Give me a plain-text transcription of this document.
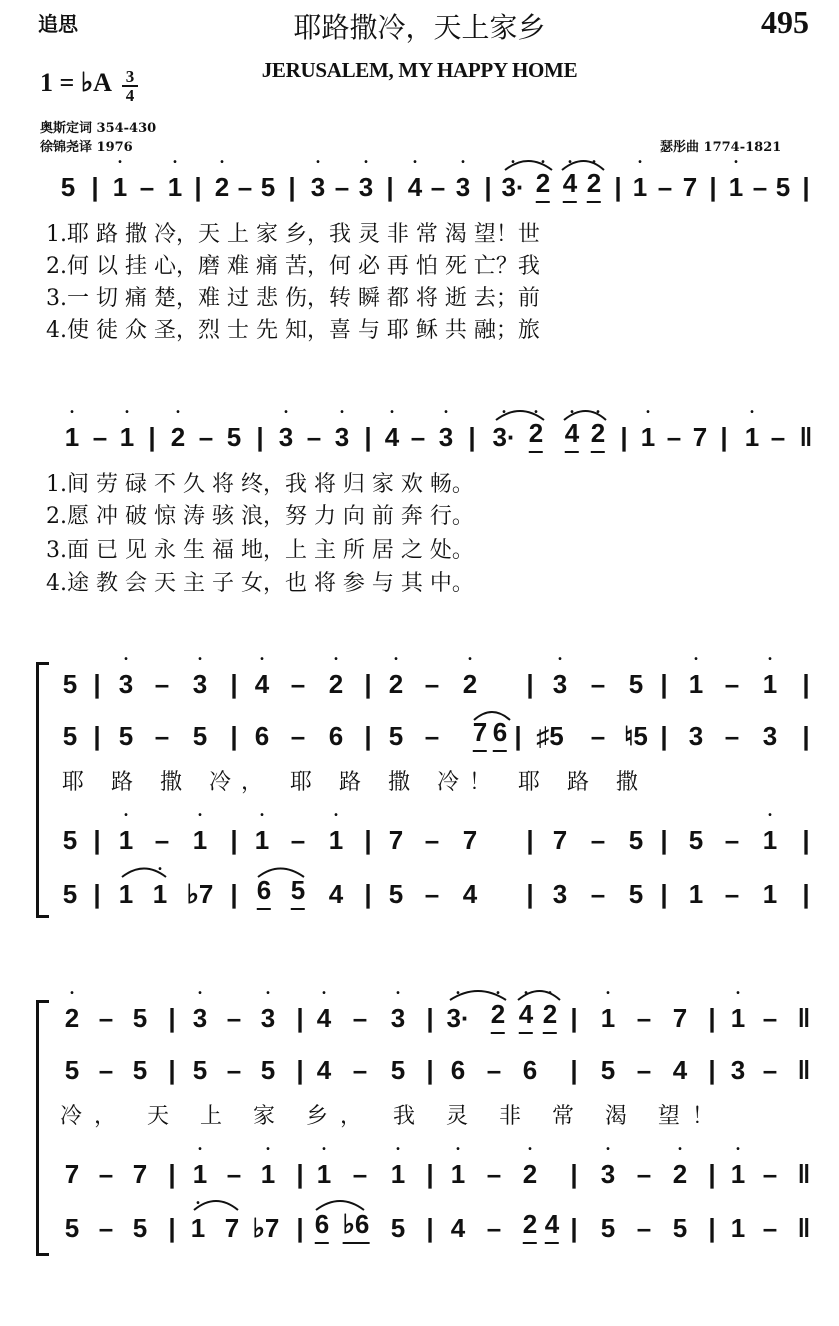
追思	耶路撒冷，天上家乡	495
JERUSALEM, MY HAPPY HOME
1 = ♭A 3
4
奥斯定词 354-430
徐锦尧译 1976	瑟彤曲 1774-1821
5 | • 1 – • 1 | • 2 – 5 | • 3 – • 3 | • 4 – • 3 | • 3· • 2 • 4 • 2 | • 1 – 7 | • 1 – 5 |
1.耶 路 撒 冷，天 上 家 乡，我 灵 非 常 渴 望！世
2.何 以 挂 心，磨 难 痛 苦，何 必 再 怕 死 亡？我
3.一 切 痛 楚，难 过 悲 伤，转 瞬 都 将 逝 去；前
4.使 徒 众 圣，烈 士 先 知，喜 与 耶 稣 共 融；旅
• 1 – • 1 | • 2 – 5 | • 3 – • 3 | • 4 – • 3 | • 3· • 2 • 4 • 2 | • 1 – 7 | • 1 – ‖
1.间 劳 碌 不 久 将 终，我 将 归 家 欢 畅。
2.愿 冲 破 惊 涛 骇 浪，努 力 向 前 奔 行。
3.面 已 见 永 生 福 地，上 主 所 居 之 处。
4.途 教 会 天 主 子 女，也 将 参 与 其 中。
5 | • 3 – • 3 | • 4 – • 2 | • 2 – • 2 | • 3 – 5 | • 1 – • 1 |
5 | 5 – 5 | 6 – 6 | 5 – 7 6 | ♯5 – ♮5 | 3 – 3 |
耶 路 撒 冷， 耶 路 撒 冷！ 耶 路 撒
5 | • 1 – • 1 | • 1 – • 1 | 7 – 7 | 7 – 5 | 5 – • 1 |
5 | 1 • 1 ♭7 | 6 5 4 | 5 – 4 | 3 – 5 | 1 – 1 |
• 2 – 5 | • 3 – • 3 | • 4 – • 3 | • 3· • 2 • 4 • 2 | • 1 – 7 | • 1 – ‖
5 – 5 | 5 – 5 | 4 – 5 | 6 – 6 | 5 – 4 | 3 – ‖
冷， 天 上 家 乡， 我 灵 非 常 渴 望！
7 – 7 | • 1 – • 1 | • 1 – • 1 | • 1 – • 2 | • 3 – • 2 | • 1 – ‖
5 – 5 | • 1 7 ♭7 | 6 ♭6 5 | 4 – 2 4 | 5 – 5 | 1 – ‖
